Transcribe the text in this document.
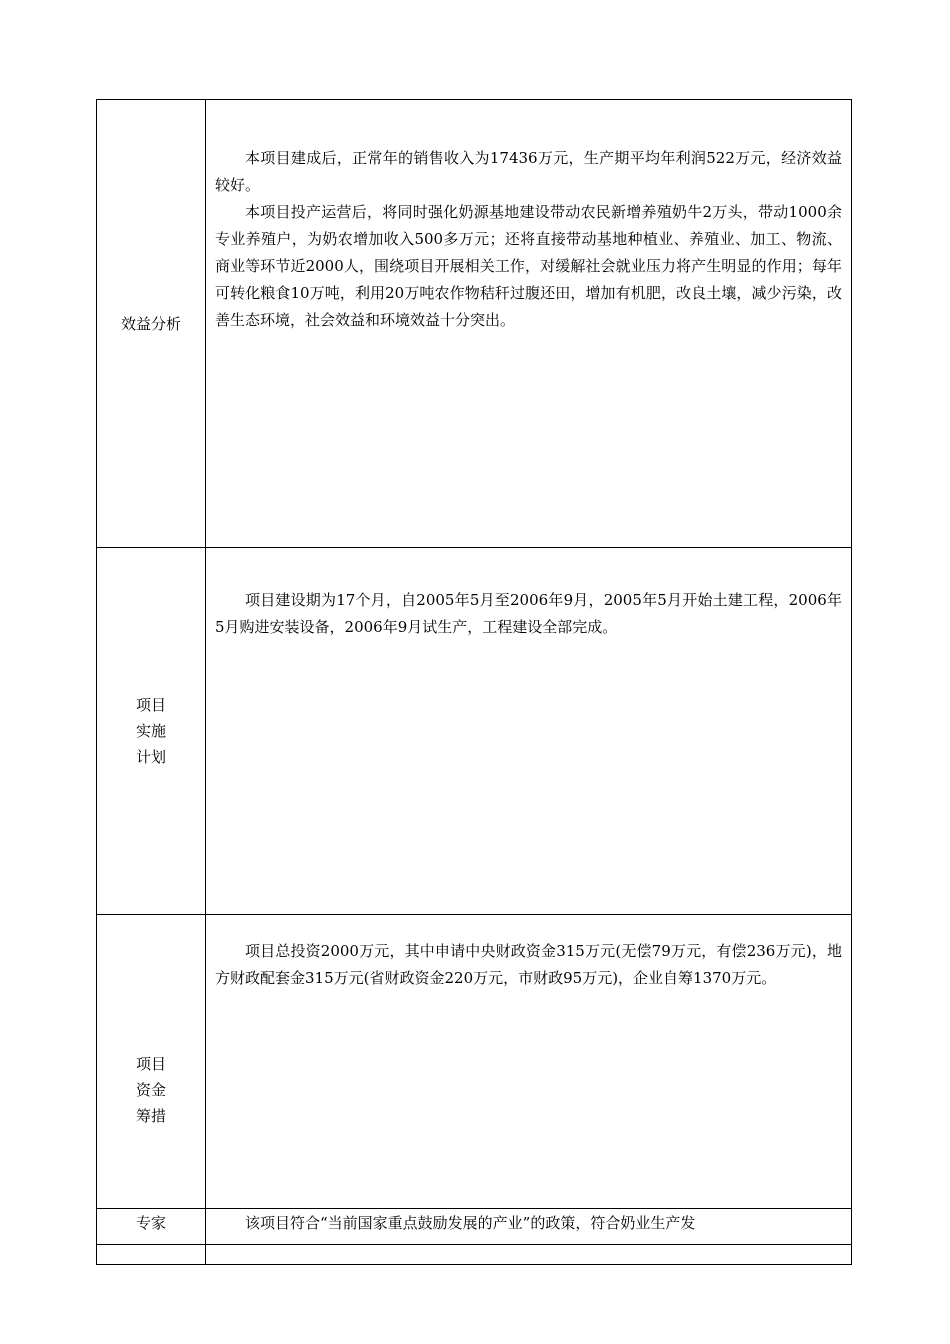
效益分析	本项目建成后，正常年的销售收入为17436万元，生产期平均年利润522万元，经济效益较好。

本项目投产运营后，将同时强化奶源基地建设带动农民新增养殖奶牛2万头，带动1000余专业养殖户，为奶农增加收入500多万元；还将直接带动基地种植业、养殖业、加工、物流、商业等环节近2000人，围绕项目开展相关工作，对缓解社会就业压力将产生明显的作用；每年可转化粮食10万吨，利用20万吨农作物秸秆过腹还田，增加有机肥，改良土壤，减少污染，改善生态环境，社会效益和环境效益十分突出。

项目
实施
计划	项目建设期为17个月，自2005年5月至2006年9月，2005年5月开始土建工程，2006年5月购进安装设备，2006年9月试生产，工程建设全部完成。

项目
资金
筹措	项目总投资2000万元，其中申请中央财政资金315万元(无偿79万元，有偿236万元)，地方财政配套金315万元(省财政资金220万元，市财政95万元)，企业自筹1370万元。

专家	该项目符合“当前国家重点鼓励发展的产业”的政策，符合奶业生产发
